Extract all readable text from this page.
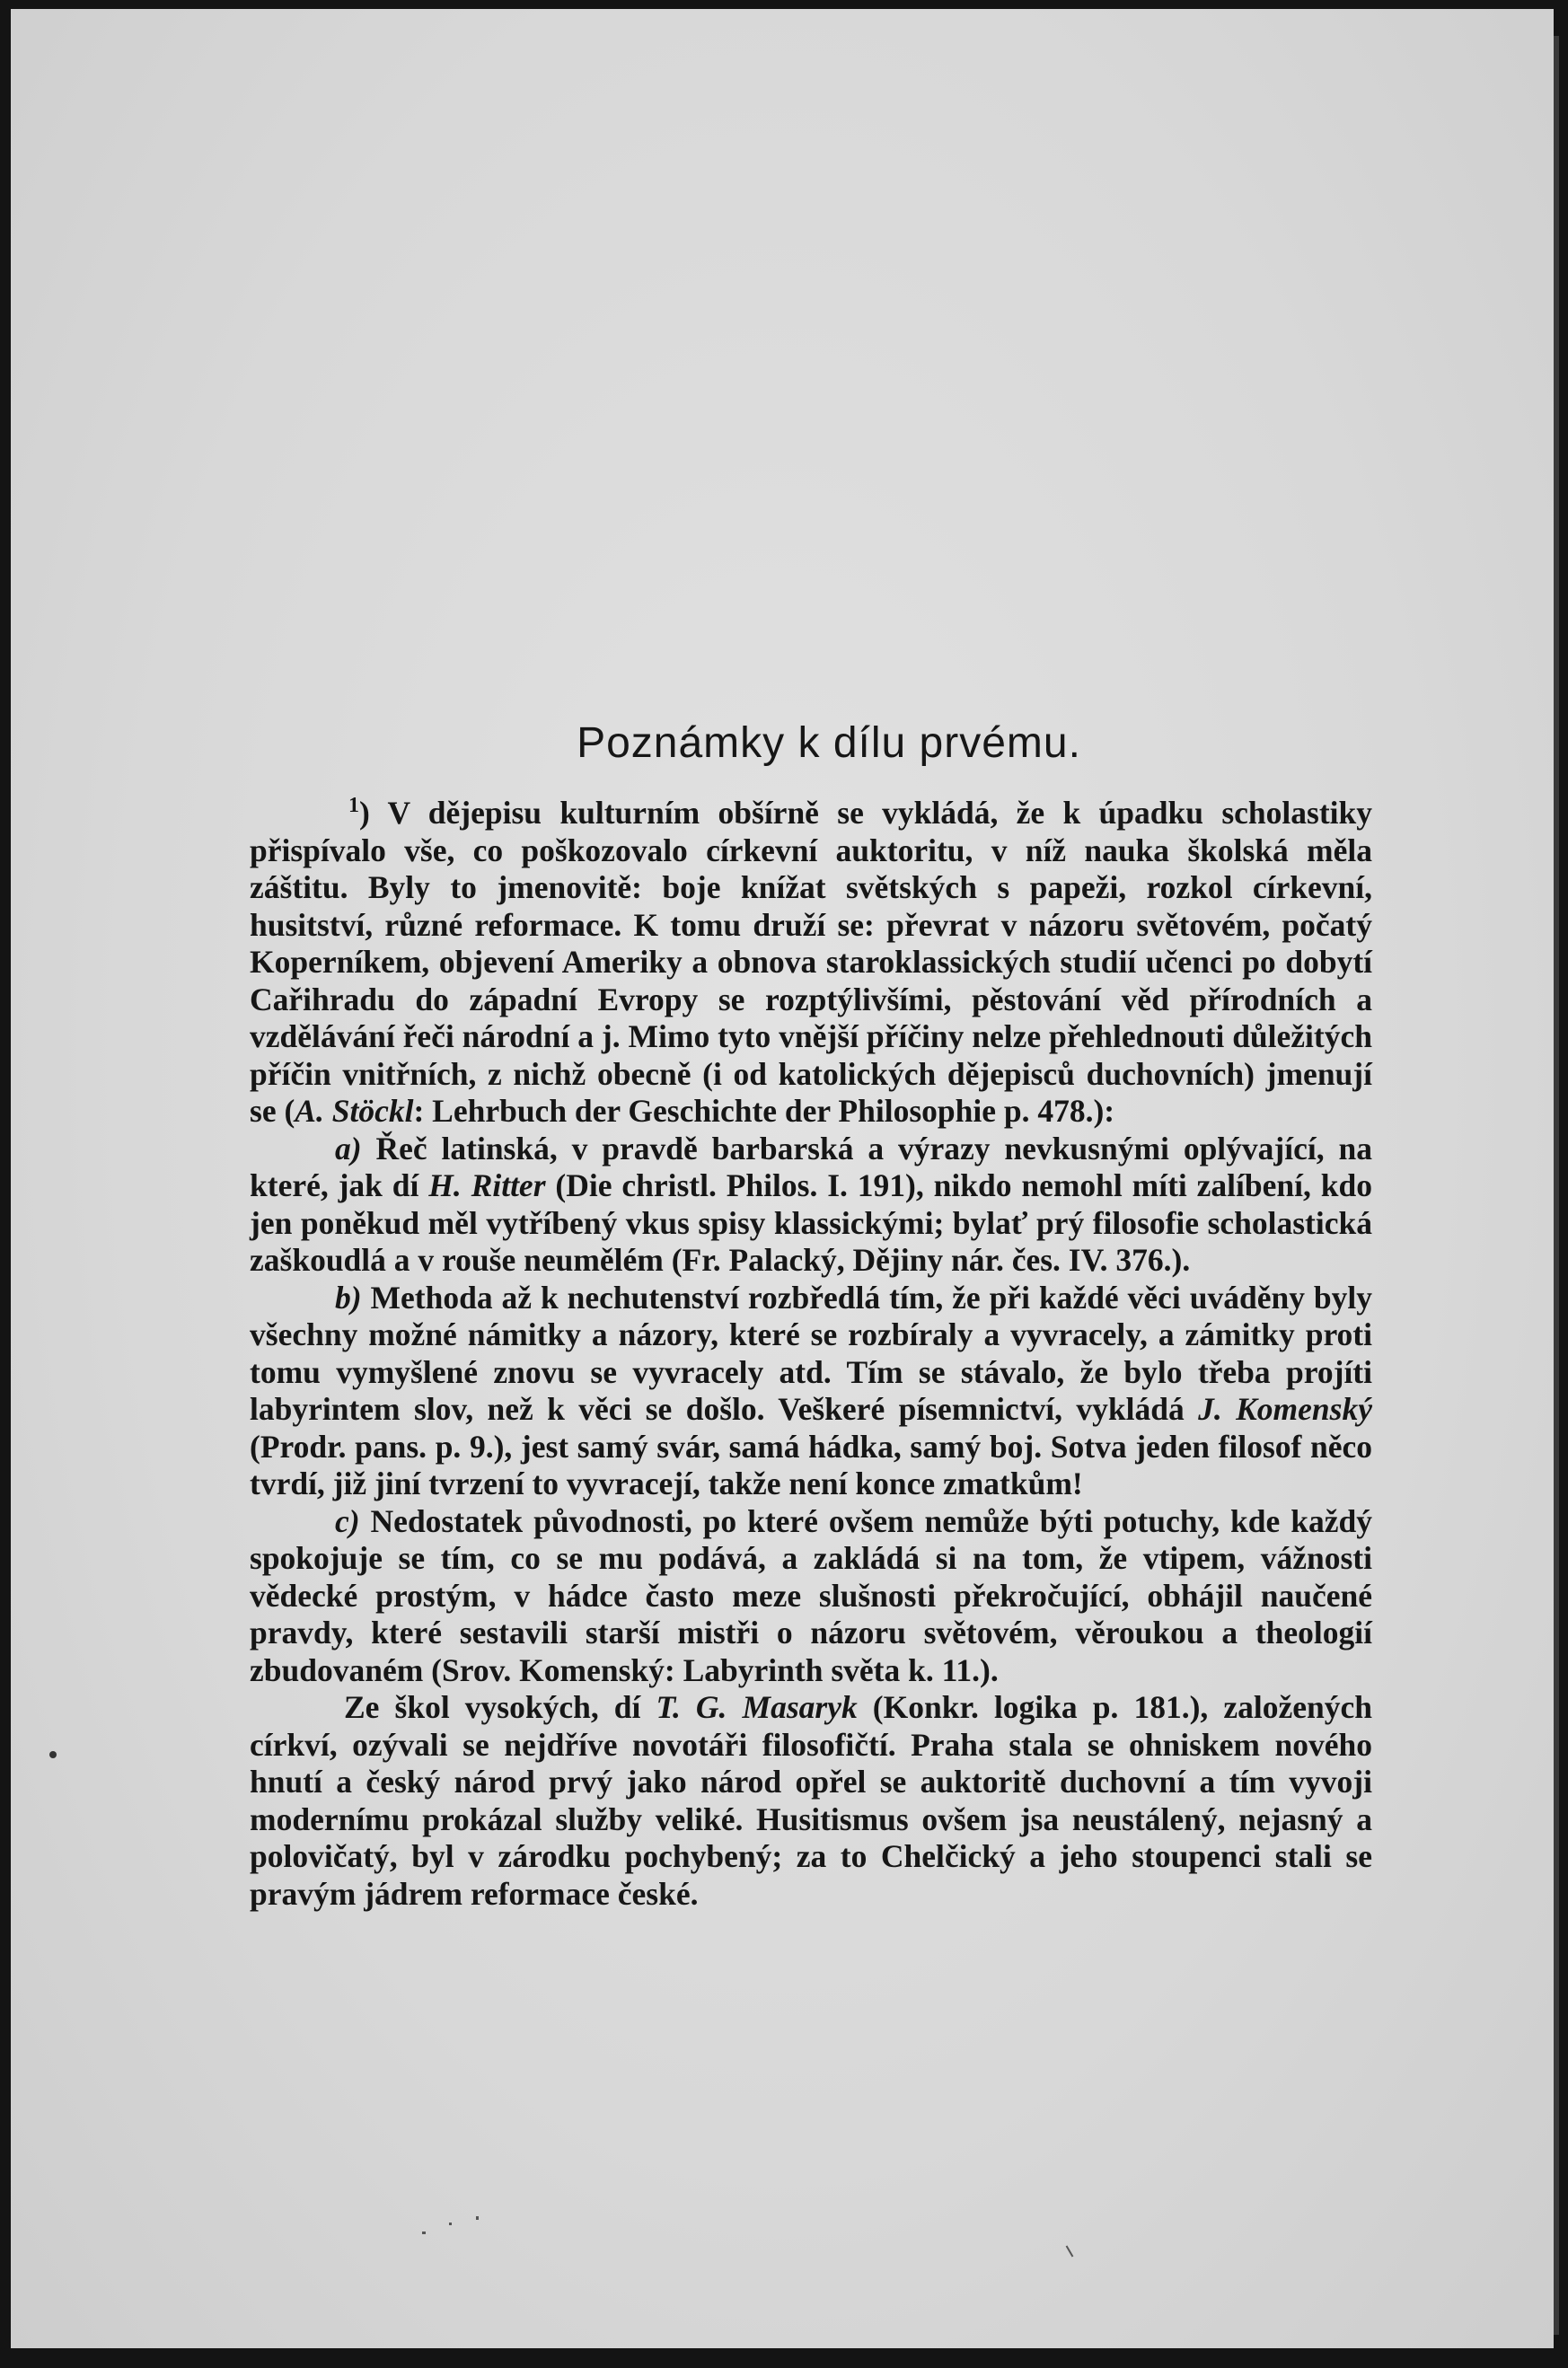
Poznámky k dílu prvému.

$^1$) V dějepisu kulturním obšírně se vykládá, že k úpadku scholastiky přispívalo vše, co poškozovalo církevní auktoritu, v níž nauka školská měla záštitu. Byly to jmenovitě: boje knížat světských s papeži, rozkol církevní, husitství, různé reformace. K tomu druží se: převrat v názoru světovém, počatý Koperníkem, objevení Ameriky a obnova staroklassických studií učenci po dobytí Cařihradu do západní Evropy se rozptýlivšími, pěstování věd přírodních a vzdělávání řeči národní a j. Mimo tyto vnější příčiny nelze přehlednouti důležitých příčin vnitřních, z nichž obecně (i od katolických dějepisců duchovních) jmenují se (A. Stöckl: Lehrbuch der Geschichte der Philosophie p. 478.):

a) Řeč latinská, v pravdě barbarská a výrazy nevkusnými oplývající, na které, jak dí H. Ritter (Die christl. Philos. I. 191), nikdo nemohl míti zalíbení, kdo jen poněkud měl vytříbený vkus spisy klassickými; bylať prý filosofie scholastická zaškoudlá a v rouše neumělém (Fr. Palacký, Dějiny nár. čes. IV. 376.).

b) Methoda až k nechutenství rozbředlá tím, že při každé věci uváděny byly všechny možné námitky a názory, které se rozbíraly a vyvracely, a zámitky proti tomu vymyšlené znovu se vyvracely atd. Tím se stávalo, že bylo třeba projíti labyrintem slov, než k věci se došlo. Veškeré písemnictví, vykládá J. Komenský (Prodr. pans. p. 9.), jest samý svár, samá hádka, samý boj. Sotva jeden filosof něco tvrdí, již jiní tvrzení to vyvracejí, takže není konce zmatkům!

c) Nedostatek původnosti, po které ovšem nemůže býti potuchy, kde každý spokojuje se tím, co se mu podává, a zakládá si na tom, že vtipem, vážnosti vědecké prostým, v hádce často meze slušnosti překročující, obhájil naučené pravdy, které sestavili starší mistři o názoru světovém, věroukou a theologií zbudovaném (Srov. Komenský: Labyrinth světa k. 11.).

Ze škol vysokých, dí T. G. Masaryk (Konkr. logika p. 181.), založených církví, ozývali se nejdříve novotáři filosofičtí. Praha stala se ohniskem nového hnutí a český národ prvý jako národ opřel se auktoritě duchovní a tím vyvoji modernímu prokázal služby veliké. Husitismus ovšem jsa neustálený, nejasný a polovičatý, byl v zárodku pochybený; za to Chelčický a jeho stoupenci stali se pravým jádrem reformace české.
